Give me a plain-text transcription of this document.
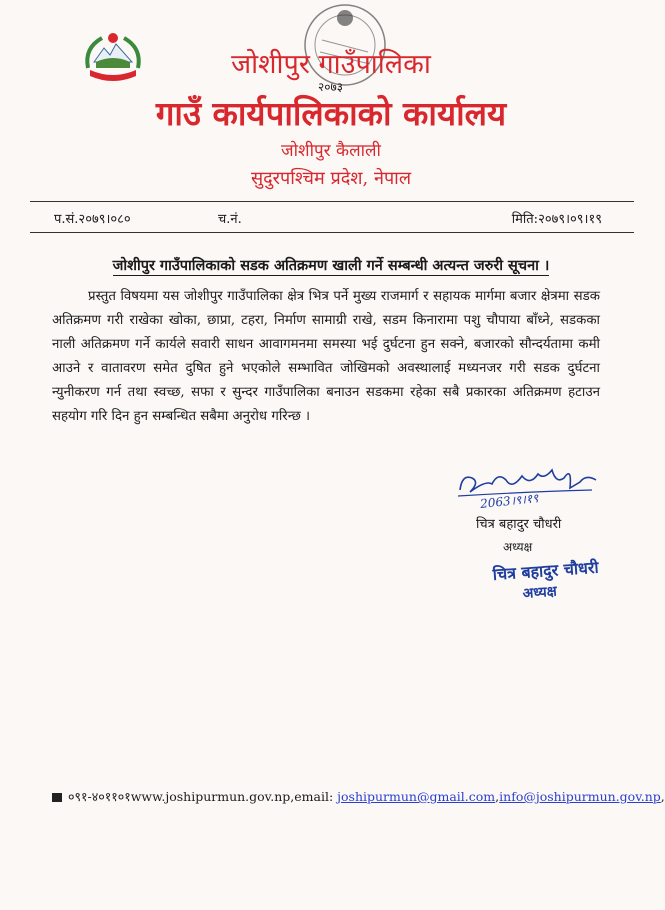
२०७३
जोशीपुर गाउँपालिका
गाउँ कार्यपालिकाको कार्यालय
जोशीपुर कैलाली
सुदुरपश्चिम प्रदेश, नेपाल
प.सं.२०७९।०८०	च.नं.	मिति:२०७९।०९।१९
जोशीपुर गाउँपालिकाको सडक अतिक्रमण खाली गर्ने सम्बन्धी अत्यन्त जरुरी सूचना ।
प्रस्तुत विषयमा यस जोशीपुर गाउँपालिका क्षेत्र भित्र पर्ने मुख्य राजमार्ग र सहायक मार्गमा बजार क्षेत्रमा सडक अतिक्रमण गरी राखेका खोका, छाप्रा, टहरा, निर्माण सामाग्री राखे, सडम किनारामा पशु चौपाया बाँध्ने, सडकका नाली अतिक्रमण गर्ने कार्यले सवारी साधन आवागमनमा समस्या भई दुर्घटना हुन सक्ने, बजारको सौन्दर्यतामा कमी आउने र वातावरण समेत दुषित हुने भएकोले सम्भावित जोखिमको अवस्थालाई मध्यनजर गरी सडक दुर्घटना न्युनीकरण गर्न तथा स्वच्छ, सफा र सुन्दर गाउँपालिका बनाउन सडकमा रहेका सबै प्रकारका अतिक्रमण हटाउन सहयोग गरि दिन हुन सम्बन्धित सबैमा अनुरोध गरिन्छ ।
2063।९।१९
चित्र बहादुर चौधरी
अध्यक्ष
चित्र बहादुर चौधरी
अध्यक्ष
०९१-४०११०१www.joshipurmun.gov.np,email: joshipurmun@gmail.com,info@joshipurmun.gov.np,
